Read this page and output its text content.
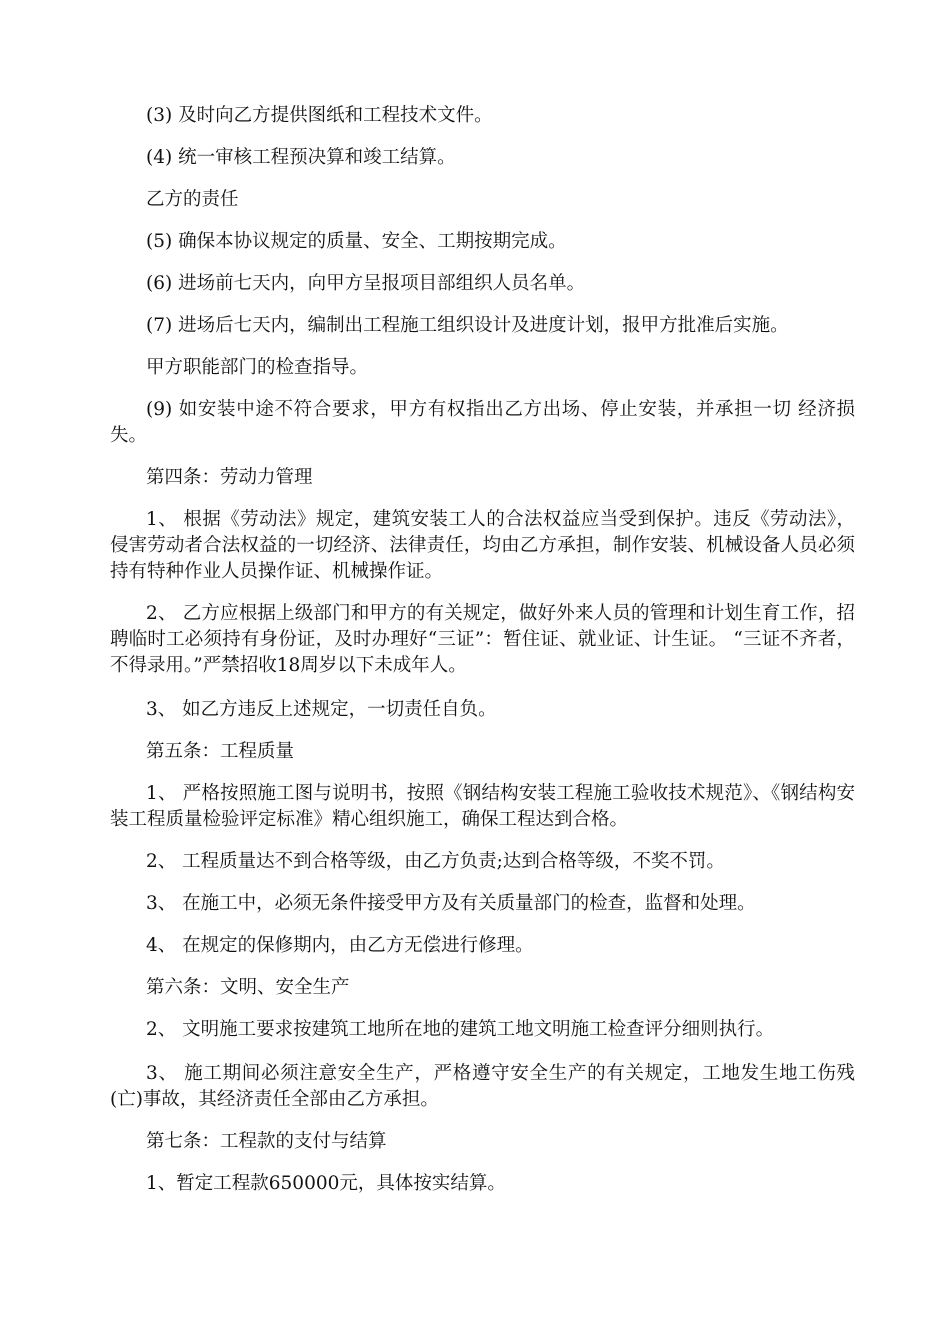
(3) 及时向乙方提供图纸和工程技术文件。

(4) 统一审核工程预决算和竣工结算。

乙方的责任

(5) 确保本协议规定的质量、安全、工期按期完成。

(6) 进场前七天内，向甲方呈报项目部组织人员名单。

(7) 进场后七天内，编制出工程施工组织设计及进度计划，报甲方批准后实施。

甲方职能部门的检查指导。

(9) 如安装中途不符合要求，甲方有权指出乙方出场、停止安装，并承担一切 经济损失。

第四条：劳动力管理

1、 根据《劳动法》规定，建筑安装工人的合法权益应当受到保护。违反《劳动法》，侵害劳动者合法权益的一切经济、法律责任，均由乙方承担，制作安装、机械设备人员必须持有特种作业人员操作证、机械操作证。

2、 乙方应根据上级部门和甲方的有关规定，做好外来人员的管理和计划生育工作，招聘临时工必须持有身份证，及时办理好“三证”：暂住证、就业证、计生证。 “三证不齐者，不得录用。”严禁招收18周岁以下未成年人。

3、 如乙方违反上述规定，一切责任自负。

第五条：工程质量

1、 严格按照施工图与说明书，按照《钢结构安装工程施工验收技术规范》、《钢结构安装工程质量检验评定标准》精心组织施工，确保工程达到合格。

2、 工程质量达不到合格等级，由乙方负责;达到合格等级，不奖不罚。

3、 在施工中，必须无条件接受甲方及有关质量部门的检查，监督和处理。

4、 在规定的保修期内，由乙方无偿进行修理。

第六条：文明、安全生产

2、 文明施工要求按建筑工地所在地的建筑工地文明施工检查评分细则执行。

3、 施工期间必须注意安全生产，严格遵守安全生产的有关规定，工地发生地工伤残(亡)事故，其经济责任全部由乙方承担。

第七条：工程款的支付与结算

1、暂定工程款650000元，具体按实结算。
